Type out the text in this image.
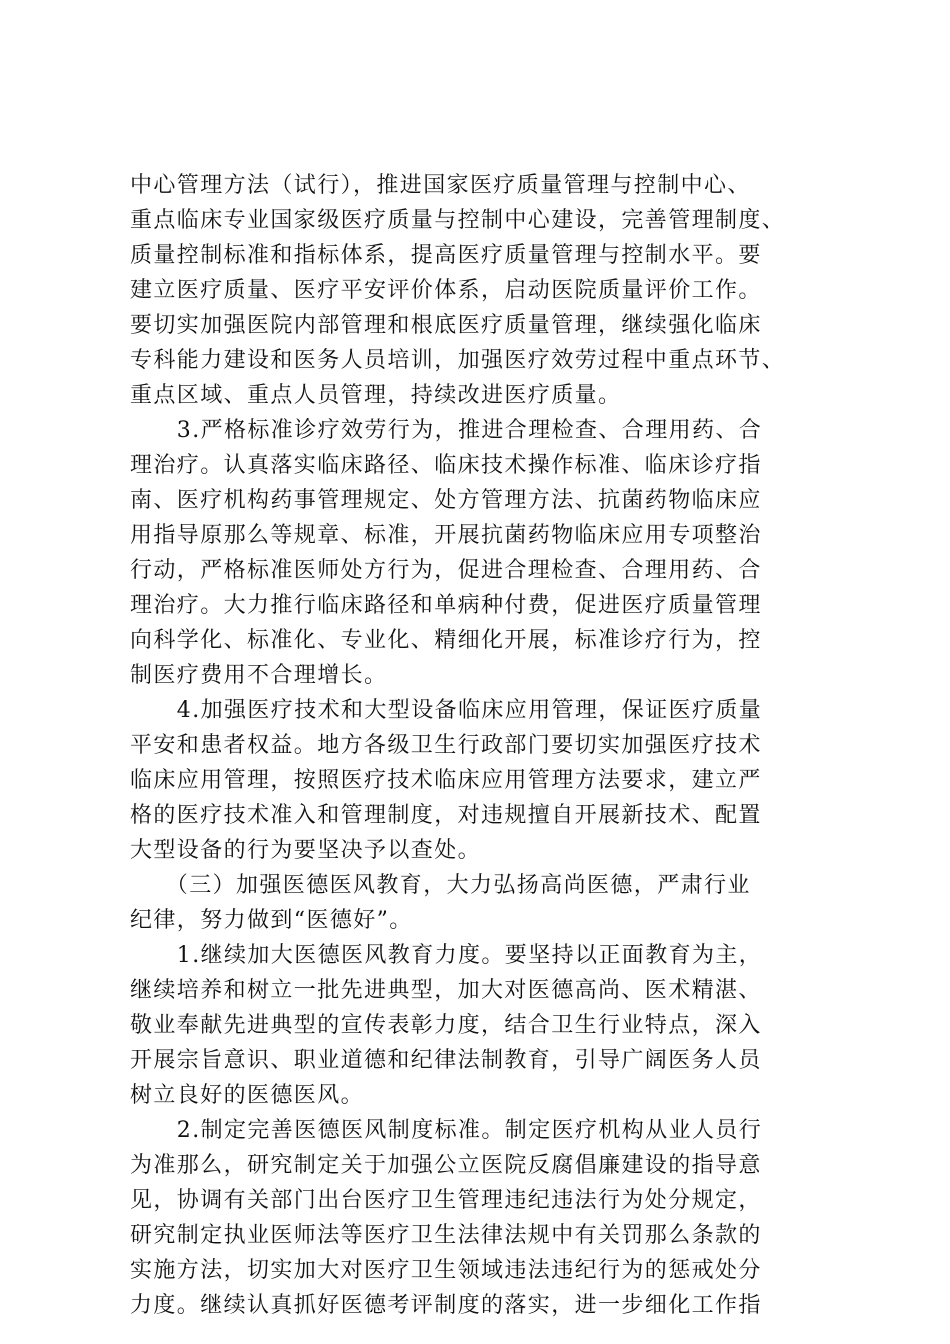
中心管理方法（试行），推进国家医疗质量管理与控制中心、
重点临床专业国家级医疗质量与控制中心建设，完善管理制度、
质量控制标准和指标体系，提高医疗质量管理与控制水平。要
建立医疗质量、医疗平安评价体系，启动医院质量评价工作。
要切实加强医院内部管理和根底医疗质量管理，继续强化临床
专科能力建设和医务人员培训，加强医疗效劳过程中重点环节、
重点区域、重点人员管理，持续改进医疗质量。
　　3.严格标准诊疗效劳行为，推进合理检查、合理用药、合
理治疗。认真落实临床路径、临床技术操作标准、临床诊疗指
南、医疗机构药事管理规定、处方管理方法、抗菌药物临床应
用指导原那么等规章、标准，开展抗菌药物临床应用专项整治
行动，严格标准医师处方行为，促进合理检查、合理用药、合
理治疗。大力推行临床路径和单病种付费，促进医疗质量管理
向科学化、标准化、专业化、精细化开展，标准诊疗行为，控
制医疗费用不合理增长。
　　4.加强医疗技术和大型设备临床应用管理，保证医疗质量
平安和患者权益。地方各级卫生行政部门要切实加强医疗技术
临床应用管理，按照医疗技术临床应用管理方法要求，建立严
格的医疗技术准入和管理制度，对违规擅自开展新技术、配置
大型设备的行为要坚决予以查处。
　　（三）加强医德医风教育，大力弘扬高尚医德，严肃行业
纪律，努力做到“医德好”。
　　1.继续加大医德医风教育力度。要坚持以正面教育为主，
继续培养和树立一批先进典型，加大对医德高尚、医术精湛、
敬业奉献先进典型的宣传表彰力度，结合卫生行业特点，深入
开展宗旨意识、职业道德和纪律法制教育，引导广阔医务人员
树立良好的医德医风。
　　2.制定完善医德医风制度标准。制定医疗机构从业人员行
为准那么，研究制定关于加强公立医院反腐倡廉建设的指导意
见，协调有关部门出台医疗卫生管理违纪违法行为处分规定，
研究制定执业医师法等医疗卫生法律法规中有关罚那么条款的
实施方法，切实加大对医疗卫生领域违法违纪行为的惩戒处分
力度。继续认真抓好医德考评制度的落实，进一步细化工作指
